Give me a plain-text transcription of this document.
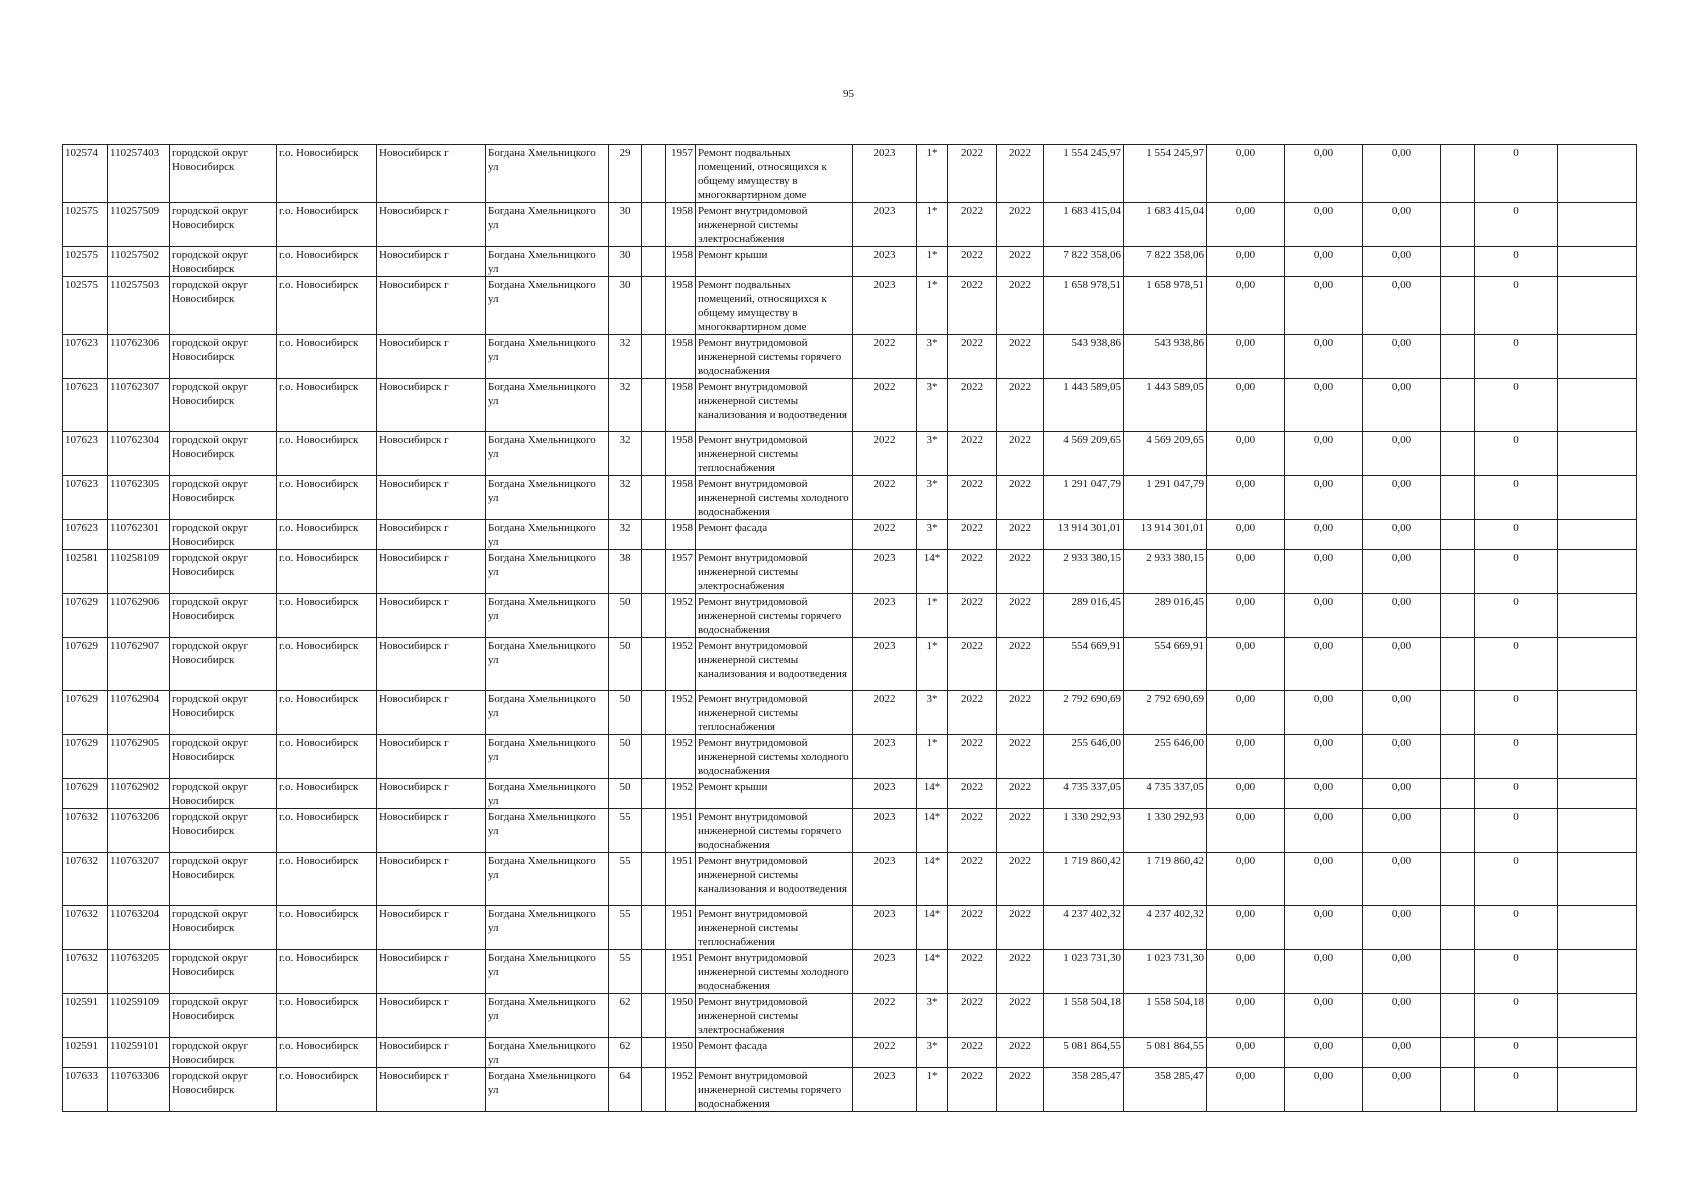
95
102574	110257403	городской округ Новосибирск	г.о. Новосибирск	Новосибирск г	Богдана Хмельницкого ул	29		1957	Ремонт подвальных помещений, относящихся к общему имуществу в многоквартирном доме	2023	1*	2022	2022	1 554 245,97	1 554 245,97	0,00	0,00	0,00		0	
102575	110257509	городской округ Новосибирск	г.о. Новосибирск	Новосибирск г	Богдана Хмельницкого ул	30		1958	Ремонт внутридомовой инженерной системы электроснабжения	2023	1*	2022	2022	1 683 415,04	1 683 415,04	0,00	0,00	0,00		0	
102575	110257502	городской округ Новосибирск	г.о. Новосибирск	Новосибирск г	Богдана Хмельницкого ул	30		1958	Ремонт крыши	2023	1*	2022	2022	7 822 358,06	7 822 358,06	0,00	0,00	0,00		0	
102575	110257503	городской округ Новосибирск	г.о. Новосибирск	Новосибирск г	Богдана Хмельницкого ул	30		1958	Ремонт подвальных помещений, относящихся к общему имуществу в многоквартирном доме	2023	1*	2022	2022	1 658 978,51	1 658 978,51	0,00	0,00	0,00		0	
107623	110762306	городской округ Новосибирск	г.о. Новосибирск	Новосибирск г	Богдана Хмельницкого ул	32		1958	Ремонт внутридомовой инженерной системы горячего водоснабжения	2022	3*	2022	2022	543 938,86	543 938,86	0,00	0,00	0,00		0	
107623	110762307	городской округ Новосибирск	г.о. Новосибирск	Новосибирск г	Богдана Хмельницкого ул	32		1958	Ремонт внутридомовой инженерной системы канализования и водоотведения	2022	3*	2022	2022	1 443 589,05	1 443 589,05	0,00	0,00	0,00		0	
107623	110762304	городской округ Новосибирск	г.о. Новосибирск	Новосибирск г	Богдана Хмельницкого ул	32		1958	Ремонт внутридомовой инженерной системы теплоснабжения	2022	3*	2022	2022	4 569 209,65	4 569 209,65	0,00	0,00	0,00		0	
107623	110762305	городской округ Новосибирск	г.о. Новосибирск	Новосибирск г	Богдана Хмельницкого ул	32		1958	Ремонт внутридомовой инженерной системы холодного водоснабжения	2022	3*	2022	2022	1 291 047,79	1 291 047,79	0,00	0,00	0,00		0	
107623	110762301	городской округ Новосибирск	г.о. Новосибирск	Новосибирск г	Богдана Хмельницкого ул	32		1958	Ремонт фасада	2022	3*	2022	2022	13 914 301,01	13 914 301,01	0,00	0,00	0,00		0	
102581	110258109	городской округ Новосибирск	г.о. Новосибирск	Новосибирск г	Богдана Хмельницкого ул	38		1957	Ремонт внутридомовой инженерной системы электроснабжения	2023	14*	2022	2022	2 933 380,15	2 933 380,15	0,00	0,00	0,00		0	
107629	110762906	городской округ Новосибирск	г.о. Новосибирск	Новосибирск г	Богдана Хмельницкого ул	50		1952	Ремонт внутридомовой инженерной системы горячего водоснабжения	2023	1*	2022	2022	289 016,45	289 016,45	0,00	0,00	0,00		0	
107629	110762907	городской округ Новосибирск	г.о. Новосибирск	Новосибирск г	Богдана Хмельницкого ул	50		1952	Ремонт внутридомовой инженерной системы канализования и водоотведения	2023	1*	2022	2022	554 669,91	554 669,91	0,00	0,00	0,00		0	
107629	110762904	городской округ Новосибирск	г.о. Новосибирск	Новосибирск г	Богдана Хмельницкого ул	50		1952	Ремонт внутридомовой инженерной системы теплоснабжения	2022	3*	2022	2022	2 792 690,69	2 792 690,69	0,00	0,00	0,00		0	
107629	110762905	городской округ Новосибирск	г.о. Новосибирск	Новосибирск г	Богдана Хмельницкого ул	50		1952	Ремонт внутридомовой инженерной системы холодного водоснабжения	2023	1*	2022	2022	255 646,00	255 646,00	0,00	0,00	0,00		0	
107629	110762902	городской округ Новосибирск	г.о. Новосибирск	Новосибирск г	Богдана Хмельницкого ул	50		1952	Ремонт крыши	2023	14*	2022	2022	4 735 337,05	4 735 337,05	0,00	0,00	0,00		0	
107632	110763206	городской округ Новосибирск	г.о. Новосибирск	Новосибирск г	Богдана Хмельницкого ул	55		1951	Ремонт внутридомовой инженерной системы горячего водоснабжения	2023	14*	2022	2022	1 330 292,93	1 330 292,93	0,00	0,00	0,00		0	
107632	110763207	городской округ Новосибирск	г.о. Новосибирск	Новосибирск г	Богдана Хмельницкого ул	55		1951	Ремонт внутридомовой инженерной системы канализования и водоотведения	2023	14*	2022	2022	1 719 860,42	1 719 860,42	0,00	0,00	0,00		0	
107632	110763204	городской округ Новосибирск	г.о. Новосибирск	Новосибирск г	Богдана Хмельницкого ул	55		1951	Ремонт внутридомовой инженерной системы теплоснабжения	2023	14*	2022	2022	4 237 402,32	4 237 402,32	0,00	0,00	0,00		0	
107632	110763205	городской округ Новосибирск	г.о. Новосибирск	Новосибирск г	Богдана Хмельницкого ул	55		1951	Ремонт внутридомовой инженерной системы холодного водоснабжения	2023	14*	2022	2022	1 023 731,30	1 023 731,30	0,00	0,00	0,00		0	
102591	110259109	городской округ Новосибирск	г.о. Новосибирск	Новосибирск г	Богдана Хмельницкого ул	62		1950	Ремонт внутридомовой инженерной системы электроснабжения	2022	3*	2022	2022	1 558 504,18	1 558 504,18	0,00	0,00	0,00		0	
102591	110259101	городской округ Новосибирск	г.о. Новосибирск	Новосибирск г	Богдана Хмельницкого ул	62		1950	Ремонт фасада	2022	3*	2022	2022	5 081 864,55	5 081 864,55	0,00	0,00	0,00		0	
107633	110763306	городской округ Новосибирск	г.о. Новосибирск	Новосибирск г	Богдана Хмельницкого ул	64		1952	Ремонт внутридомовой инженерной системы горячего водоснабжения	2023	1*	2022	2022	358 285,47	358 285,47	0,00	0,00	0,00		0	
